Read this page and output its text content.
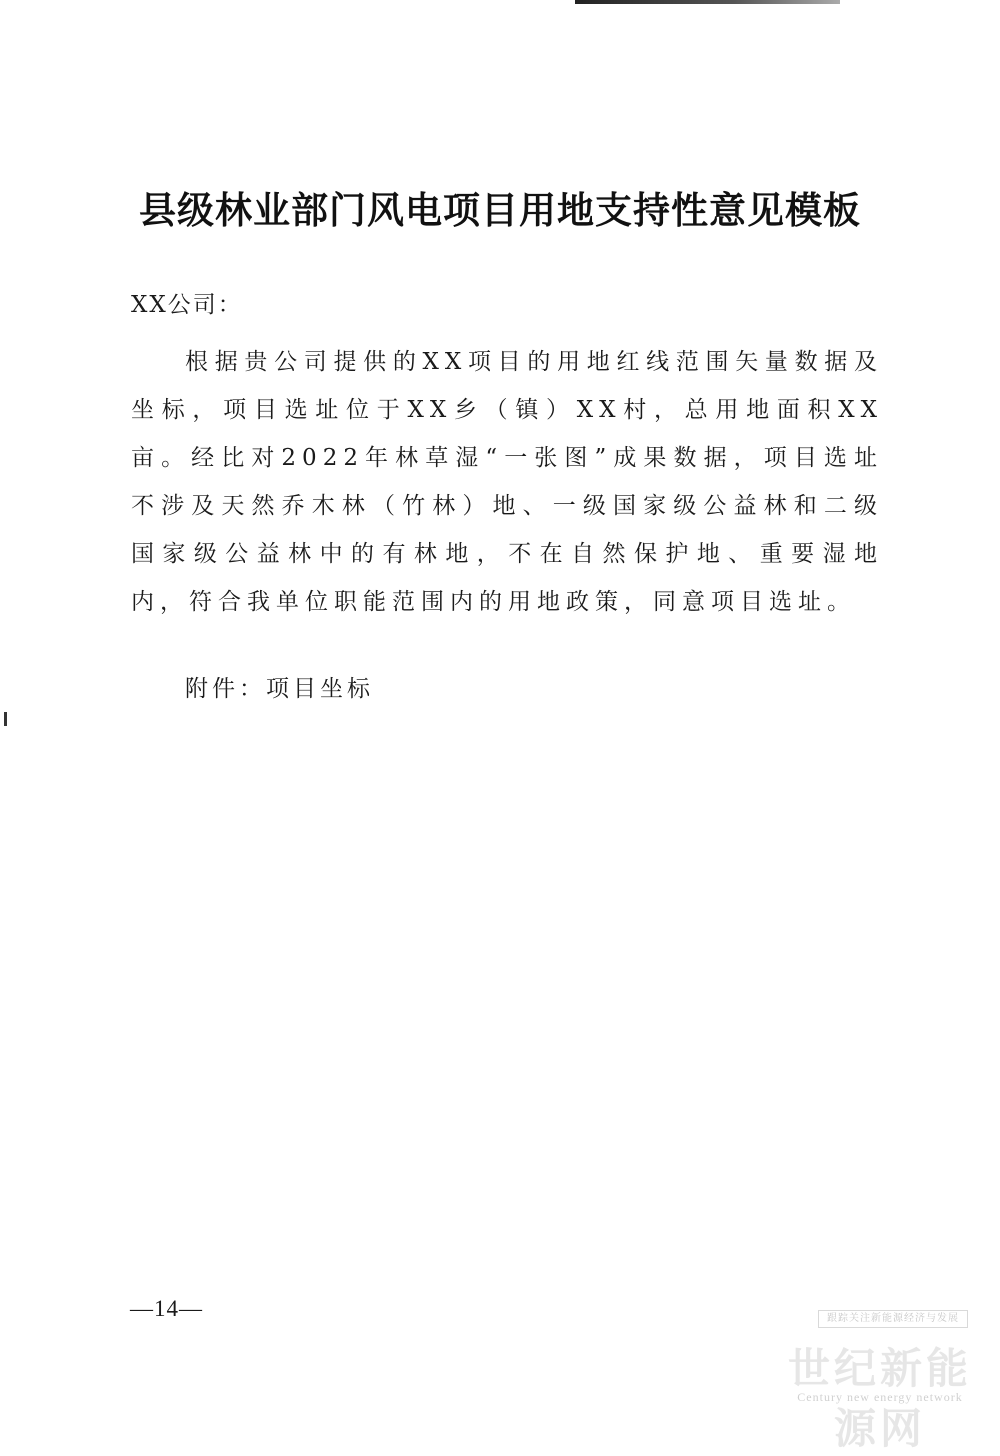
县级林业部门风电项目用地支持性意见模板
XX公司：

根据贵公司提供的XX项目的用地红线范围矢量数据及坐标，项目选址位于XX乡（镇）XX村，总用地面积XX亩。经比对2022年林草湿“一张图”成果数据，项目选址不涉及天然乔木林（竹林）地、一级国家级公益林和二级国家级公益林中的有林地，不在自然保护地、重要湿地内，符合我单位职能范围内的用地政策，同意项目选址。

附件：项目坐标
—14—	跟踪关注新能源经济与发展
世纪新能源网
Century new energy network
